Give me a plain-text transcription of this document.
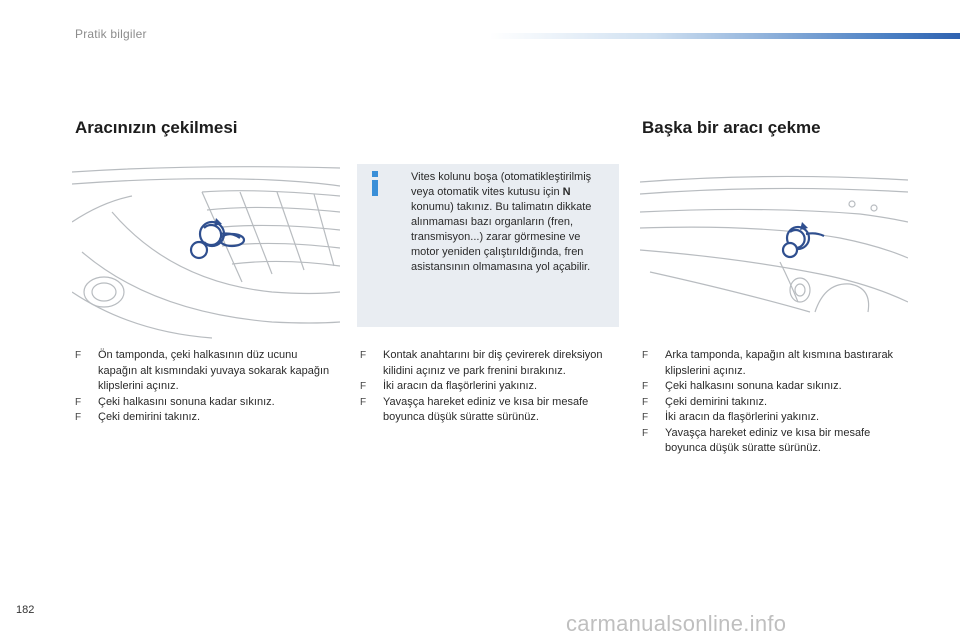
Pratik bilgiler
Aracınızın çekilmesi	Başka bir aracı çekme
Vites kolunu boşa (otomatikleştirilmiş veya otomatik vites kutusu için N konumu) takınız. Bu talimatın dikkate alınmaması bazı organların (fren, transmisyon...) zarar görmesine ve motor yeniden çalıştırıldığında, fren asistansının olmamasına yol açabilir.
F Ön tamponda, çeki halkasının düz ucunu kapağın alt kısmındaki yuvaya sokarak kapağın klipslerini açınız.
F Çeki halkasını sonuna kadar sıkınız.
F Çeki demirini takınız.
F Kontak anahtarını bir diş çevirerek direksiyon kilidini açınız ve park frenini bırakınız.
F İki aracın da flaşörlerini yakınız.
F Yavaşça hareket ediniz ve kısa bir mesafe boyunca düşük süratte sürünüz.
F Arka tamponda, kapağın alt kısmına bastırarak klipslerini açınız.
F Çeki halkasını sonuna kadar sıkınız.
F Çeki demirini takınız.
F İki aracın da flaşörlerini yakınız.
F Yavaşça hareket ediniz ve kısa bir mesafe boyunca düşük süratte sürünüz.
182
carmanualsonline.info
